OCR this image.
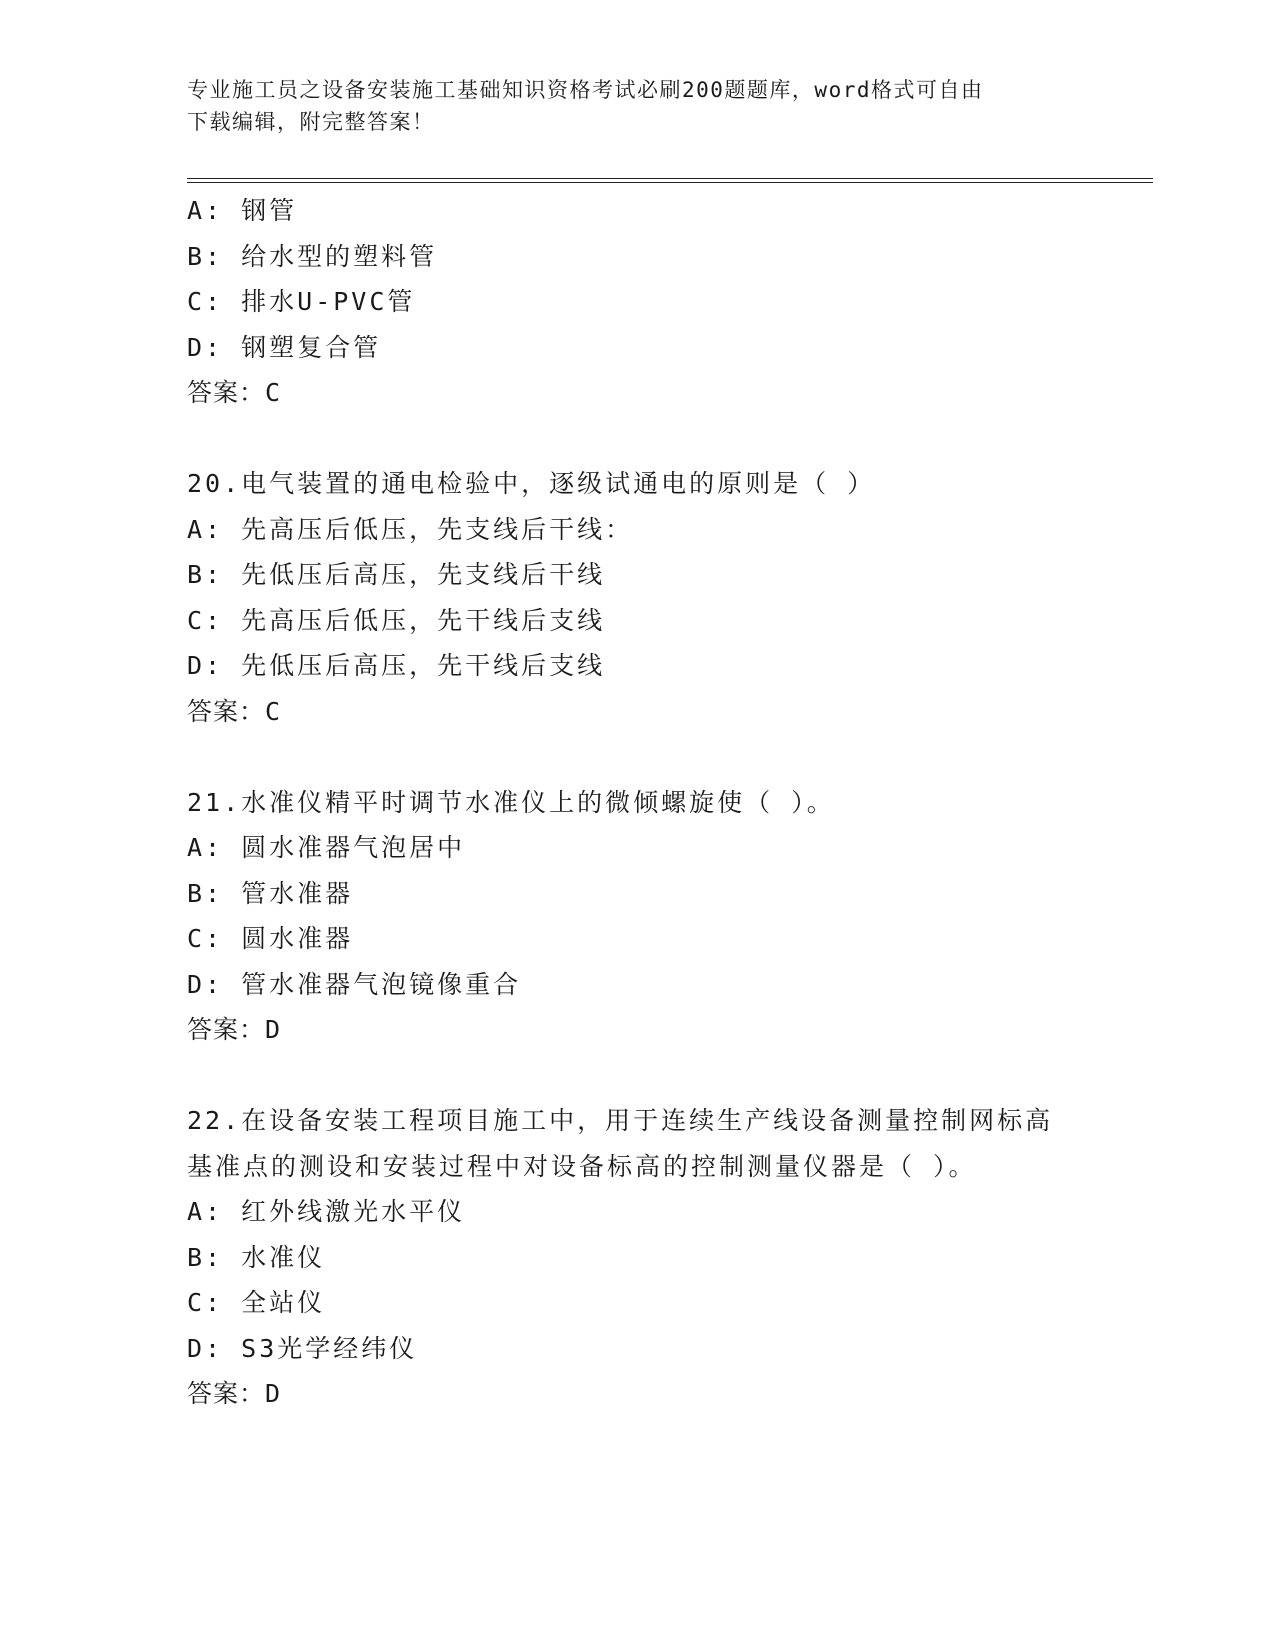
专业施工员之设备安装施工基础知识资格考试必刷200题题库，word格式可自由
下载编辑，附完整答案！
A: 钢管
B: 给水型的塑料管
C: 排水U-PVC管
D: 钢塑复合管
答案：C
20.电气装置的通电检验中，逐级试通电的原则是（ ）
A: 先高压后低压，先支线后干线：
B: 先低压后高压，先支线后干线
C: 先高压后低压，先干线后支线
D: 先低压后高压，先干线后支线
答案：C
21.水准仪精平时调节水准仪上的微倾螺旋使（ ）。
A: 圆水准器气泡居中
B: 管水准器
C: 圆水准器
D: 管水准器气泡镜像重合
答案：D
22.在设备安装工程项目施工中，用于连续生产线设备测量控制网标高
基准点的测设和安装过程中对设备标高的控制测量仪器是（ ）。
A: 红外线激光水平仪
B: 水准仪
C: 全站仪
D: S3光学经纬仪
答案：D
